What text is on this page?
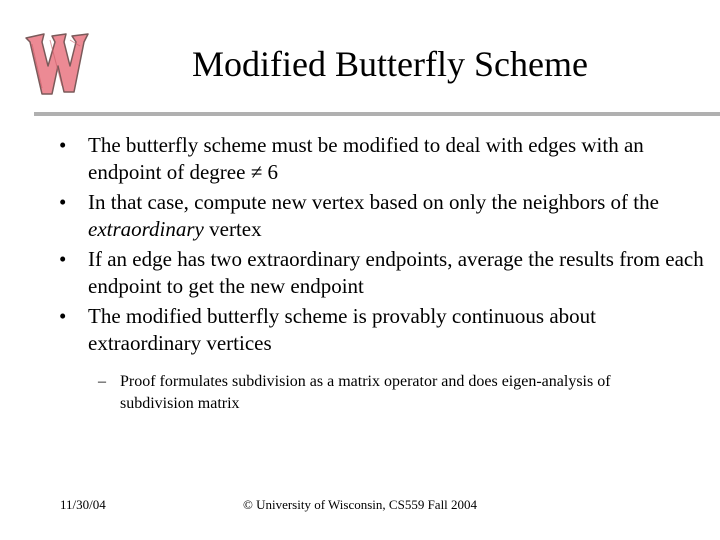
Modified Butterfly Scheme
• The butterfly scheme must be modified to deal with edges with an endpoint of degree ≠ 6
• In that case, compute new vertex based on only the neighbors of the extraordinary vertex
• If an edge has two extraordinary endpoints, average the results from each endpoint to get the new endpoint
• The modified butterfly scheme is provably continuous about extraordinary vertices
– Proof formulates subdivision as a matrix operator and does eigen-analysis of subdivision matrix
11/30/04	© University of Wisconsin, CS559 Fall 2004
